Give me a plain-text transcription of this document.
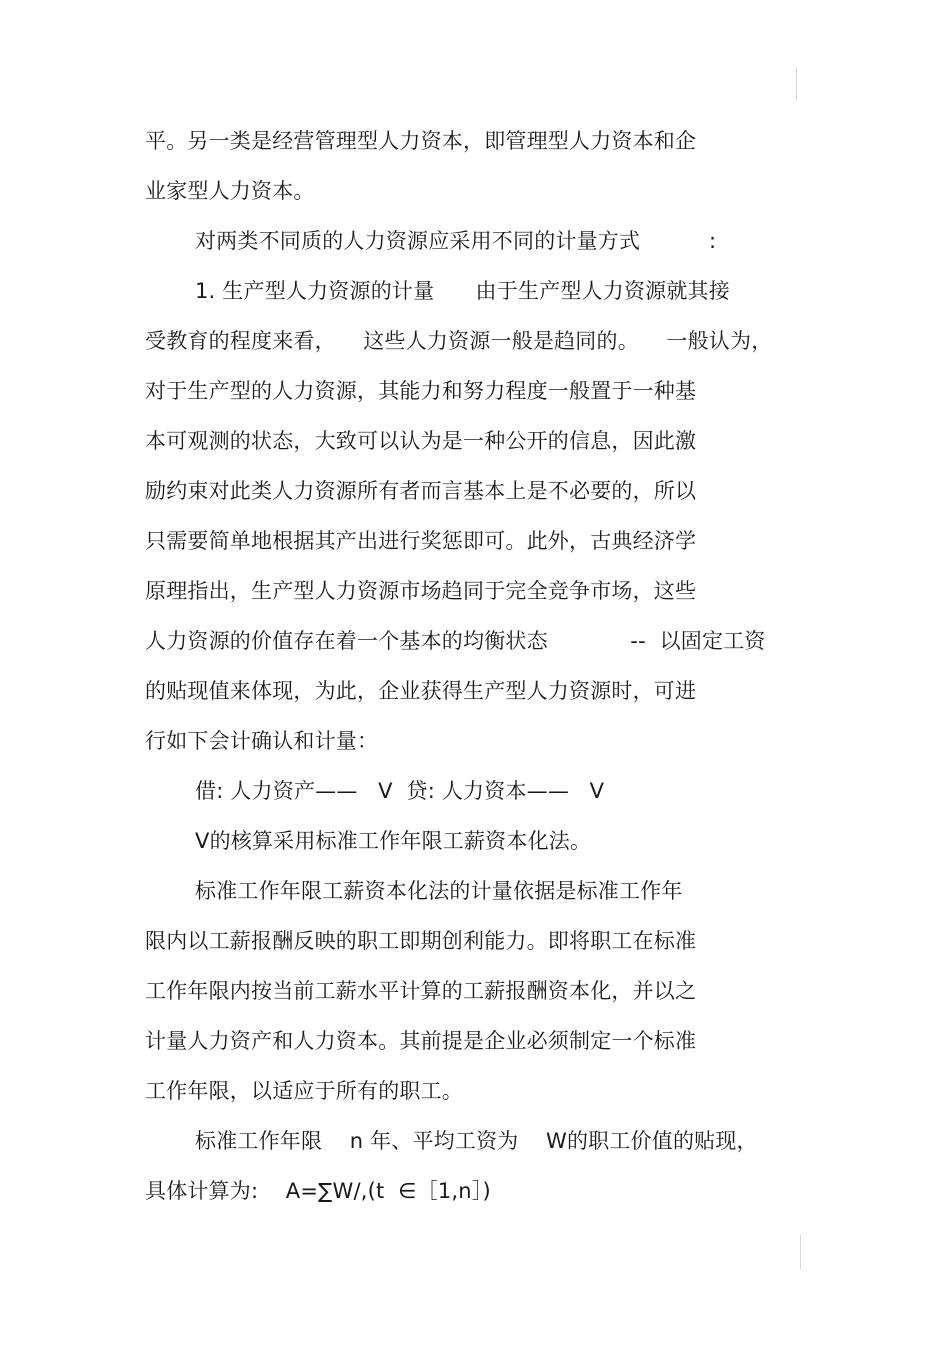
平。另一类是经营管理型人力资本，即管理型人力资本和企
业家型人力资本。
对两类不同质的人力资源应采用不同的计量方式          :
1. 生产型人力资源的计量      由于生产型人力资源就其接
受教育的程度来看，    这些人力资源一般是趋同的。    一般认为，
对于生产型的人力资源，其能力和努力程度一般置于一种基
本可观测的状态，大致可以认为是一种公开的信息，因此激
励约束对此类人力资源所有者而言基本上是不必要的，所以
只需要简单地根据其产出进行奖惩即可。此外，古典经济学
原理指出，生产型人力资源市场趋同于完全竞争市场，这些
人力资源的价值存在着一个基本的均衡状态            --  以固定工资
的贴现值来体现，为此，企业获得生产型人力资源时，可进
行如下会计确认和计量：
借: 人力资产——   V  贷: 人力资本——   V
V的核算采用标准工作年限工薪资本化法。
标准工作年限工薪资本化法的计量依据是标准工作年
限内以工薪报酬反映的职工即期创利能力。即将职工在标准
工作年限内按当前工薪水平计算的工薪报酬资本化，并以之
计量人力资产和人力资本。其前提是企业必须制定一个标准
工作年限，以适应于所有的职工。
标准工作年限    n 年、平均工资为    W的职工价值的贴现，
具体计算为:    A=∑W/,(t  ∈［1,n］)
